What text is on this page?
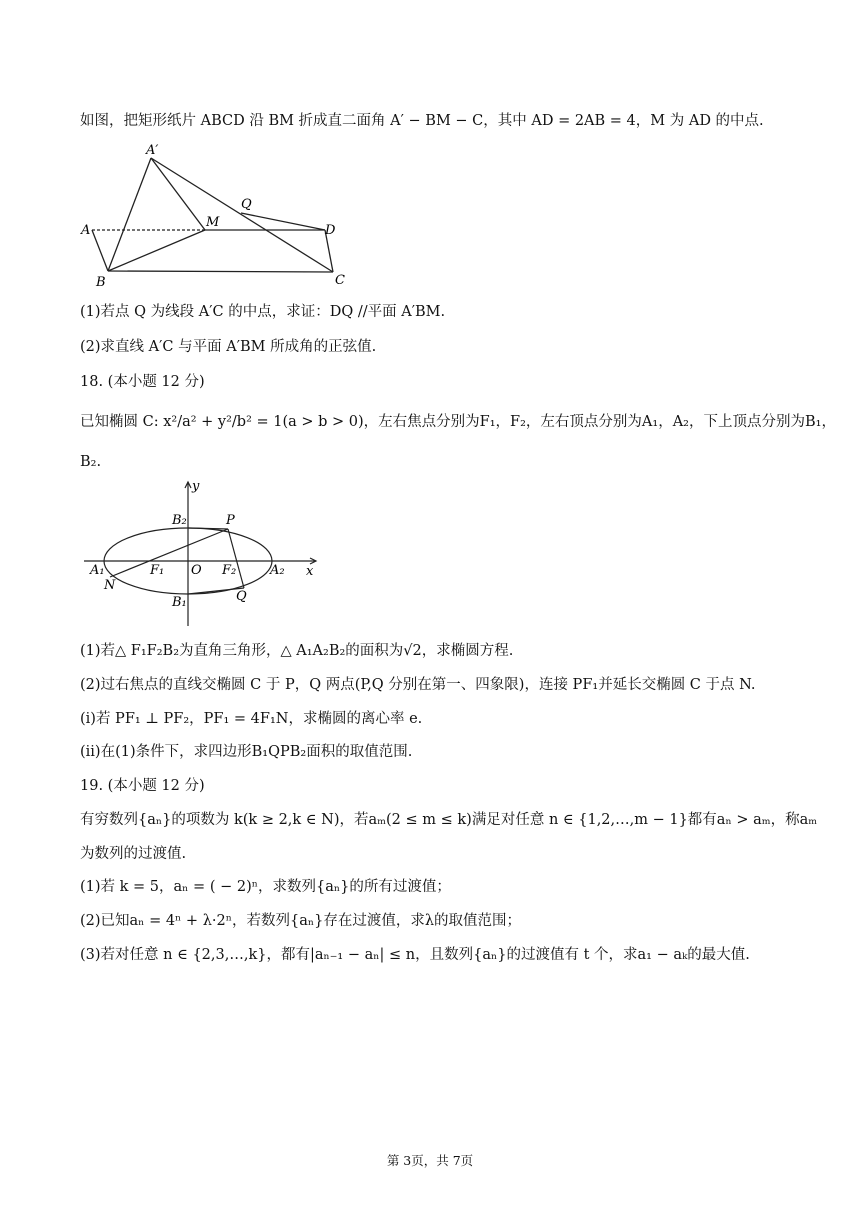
如图，把矩形纸片 ABCD 沿 BM 折成直二面角 A′ − BM − C，其中 AD = 2AB = 4，M 为 AD 的中点.
A′
A
M
Q
D
B	C
(1)若点 Q 为线段 A′C 的中点，求证：DQ //平面 A′BM.
(2)求直线 A′C 与平面 A′BM 所成角的正弦值.
18. (本小题 12 分)
已知椭圆 C: x²/a² + y²/b² = 1(a > b > 0)，左右焦点分别为F₁，F₂，左右顶点分别为A₁，A₂，下上顶点分别为B₁，
B₂.
y
B₂	P
A₁
N
F₁ O F₂	A₂ x
Q
B₁
(1)若△ F₁F₂B₂为直角三角形，△ A₁A₂B₂的面积为√2，求椭圆方程.
(2)过右焦点的直线交椭圆 C 于 P，Q 两点(P,Q 分别在第一、四象限)，连接 PF₁并延长交椭圆 C 于点 N.
(ⅰ)若 PF₁ ⊥ PF₂，PF₁ = 4F₁N，求椭圆的离心率 e.
(ⅱ)在(1)条件下，求四边形B₁QPB₂面积的取值范围.
19. (本小题 12 分)
有穷数列{aₙ}的项数为 k(k ≥ 2,k ∈ N)，若aₘ(2 ≤ m ≤ k)满足对任意 n ∈ {1,2,…,m − 1}都有aₙ > aₘ，称aₘ
为数列的过渡值.
(1)若 k = 5，aₙ = ( − 2)ⁿ，求数列{aₙ}的所有过渡值；
(2)已知aₙ = 4ⁿ + λ·2ⁿ，若数列{aₙ}存在过渡值，求λ的取值范围；
(3)若对任意 n ∈ {2,3,…,k}，都有|aₙ₋₁ − aₙ| ≤ n，且数列{aₙ}的过渡值有 t 个，求a₁ − aₖ的最大值.
第 3页，共 7页
